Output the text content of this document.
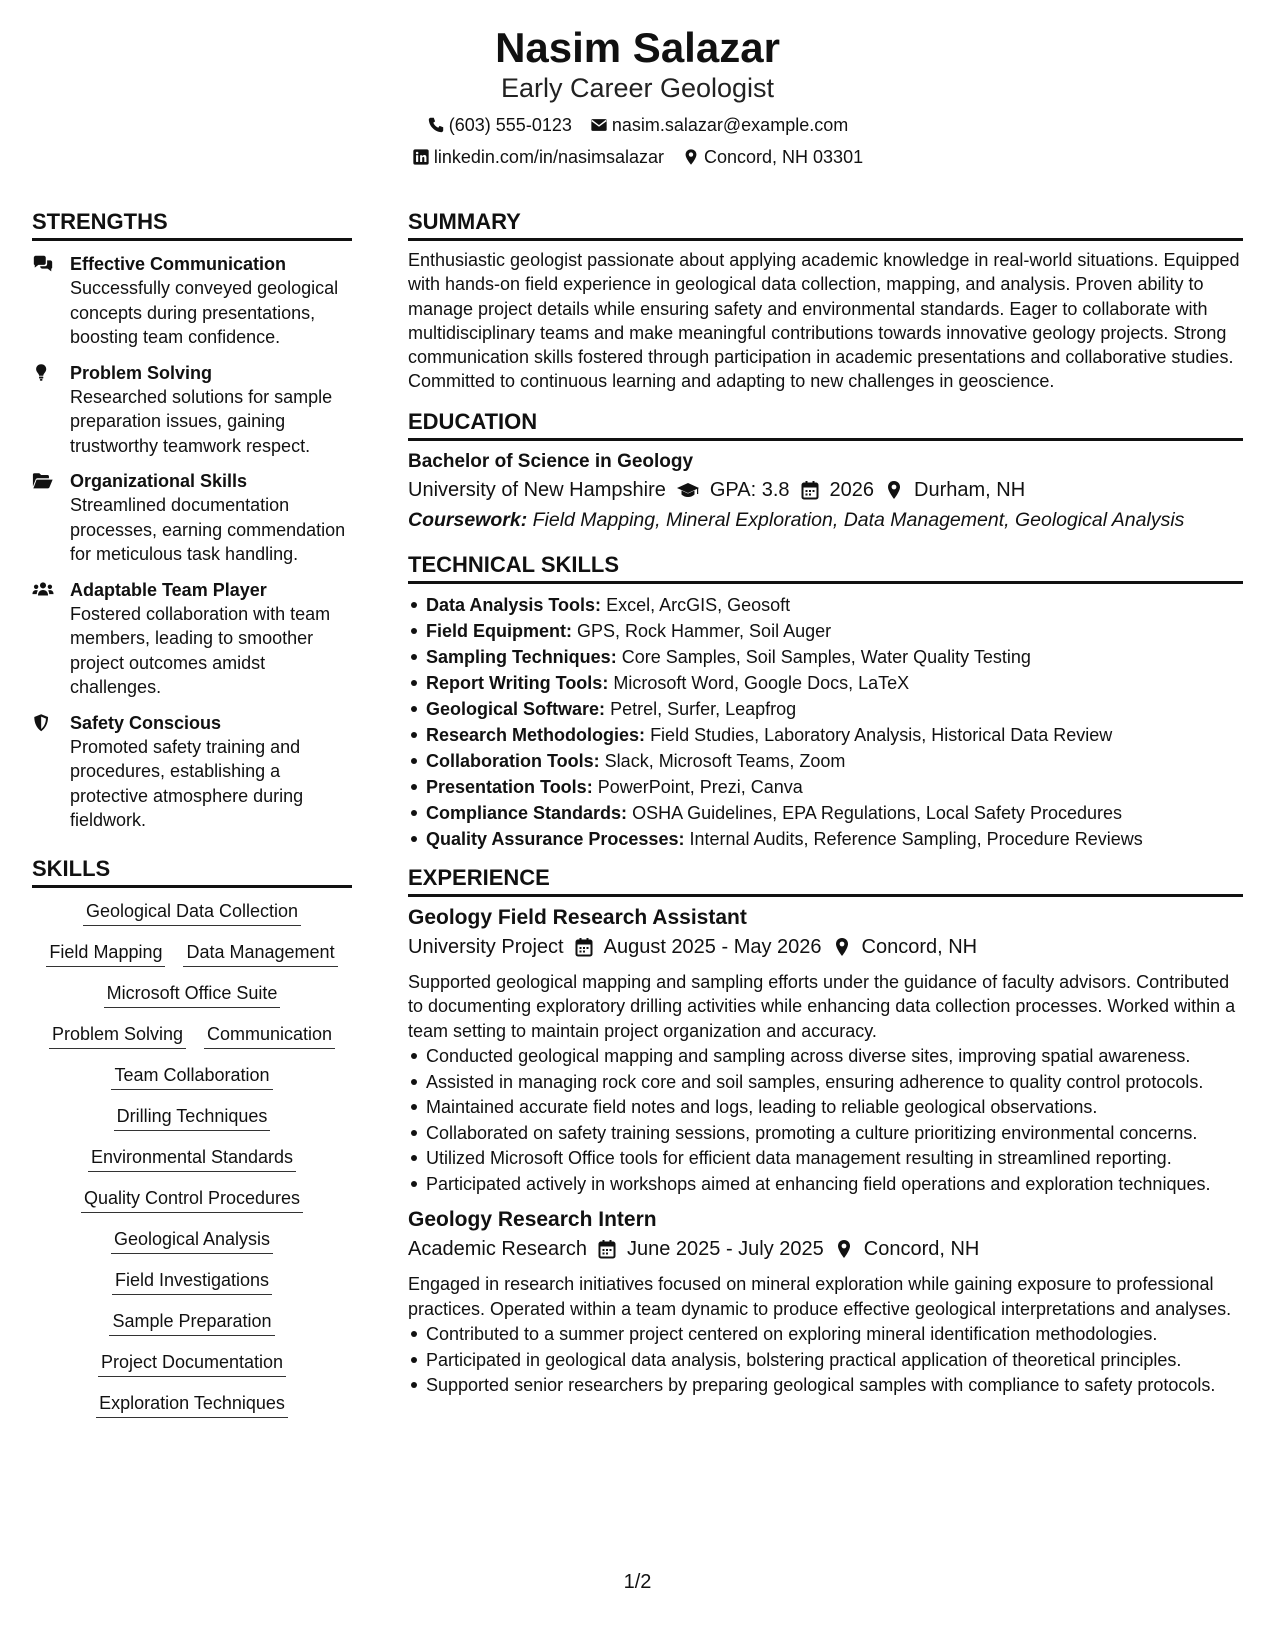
Nasim Salazar
Early Career Geologist
(603) 555-0123 nasim.salazar@example.com
linkedin.com/in/nasimsalazar Concord, NH 03301
STRENGTHS
Effective Communication
Successfully conveyed geological concepts during presentations, boosting team confidence.
Problem Solving
Researched solutions for sample preparation issues, gaining trustworthy teamwork respect.
Organizational Skills
Streamlined documentation processes, earning commendation for meticulous task handling.
Adaptable Team Player
Fostered collaboration with team members, leading to smoother project outcomes amidst challenges.
Safety Conscious
Promoted safety training and procedures, establishing a protective atmosphere during fieldwork.
SKILLS
Geological Data Collection
Field Mapping Data Management
Microsoft Office Suite
Problem Solving Communication
Team Collaboration
Drilling Techniques
Environmental Standards
Quality Control Procedures
Geological Analysis
Field Investigations
Sample Preparation
Project Documentation
Exploration Techniques
SUMMARY
Enthusiastic geologist passionate about applying academic knowledge in real-world situations. Equipped with hands-on field experience in geological data collection, mapping, and analysis. Proven ability to manage project details while ensuring safety and environmental standards. Eager to collaborate with multidisciplinary teams and make meaningful contributions towards innovative geology projects. Strong communication skills fostered through participation in academic presentations and collaborative studies. Committed to continuous learning and adapting to new challenges in geoscience.
EDUCATION
Bachelor of Science in Geology
University of New Hampshire GPA: 3.8 2026 Durham, NH
Coursework: Field Mapping, Mineral Exploration, Data Management, Geological Analysis
TECHNICAL SKILLS
Data Analysis Tools: Excel, ArcGIS, Geosoft
Field Equipment: GPS, Rock Hammer, Soil Auger
Sampling Techniques: Core Samples, Soil Samples, Water Quality Testing
Report Writing Tools: Microsoft Word, Google Docs, LaTeX
Geological Software: Petrel, Surfer, Leapfrog
Research Methodologies: Field Studies, Laboratory Analysis, Historical Data Review
Collaboration Tools: Slack, Microsoft Teams, Zoom
Presentation Tools: PowerPoint, Prezi, Canva
Compliance Standards: OSHA Guidelines, EPA Regulations, Local Safety Procedures
Quality Assurance Processes: Internal Audits, Reference Sampling, Procedure Reviews
EXPERIENCE
Geology Field Research Assistant
University Project August 2025 - May 2026 Concord, NH
Supported geological mapping and sampling efforts under the guidance of faculty advisors. Contributed to documenting exploratory drilling activities while enhancing data collection processes. Worked within a team setting to maintain project organization and accuracy.
Conducted geological mapping and sampling across diverse sites, improving spatial awareness.
Assisted in managing rock core and soil samples, ensuring adherence to quality control protocols.
Maintained accurate field notes and logs, leading to reliable geological observations.
Collaborated on safety training sessions, promoting a culture prioritizing environmental concerns.
Utilized Microsoft Office tools for efficient data management resulting in streamlined reporting.
Participated actively in workshops aimed at enhancing field operations and exploration techniques.
Geology Research Intern
Academic Research June 2025 - July 2025 Concord, NH
Engaged in research initiatives focused on mineral exploration while gaining exposure to professional practices. Operated within a team dynamic to produce effective geological interpretations and analyses.
Contributed to a summer project centered on exploring mineral identification methodologies.
Participated in geological data analysis, bolstering practical application of theoretical principles.
Supported senior researchers by preparing geological samples with compliance to safety protocols.
1/2
